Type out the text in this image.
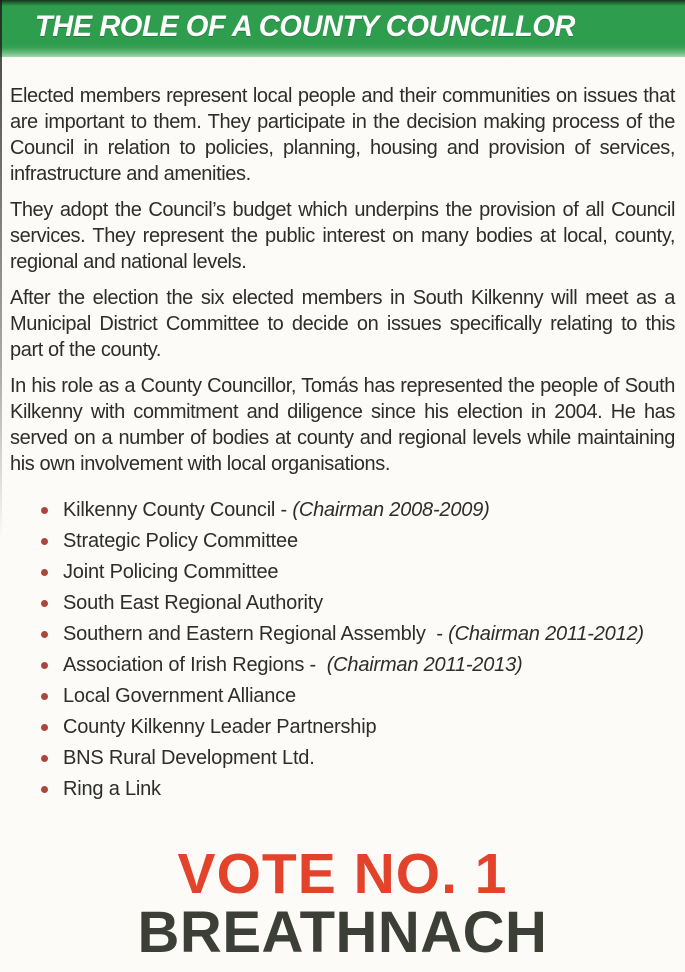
THE ROLE OF A COUNTY COUNCILLOR

Elected members represent local people and their communities on issues that are important to them. They participate in the decision making process of the Council in relation to policies, planning, housing and provision of services, infrastructure and amenities.

They adopt the Council’s budget which underpins the provision of all Council services. They represent the public interest on many bodies at local, county, regional and national levels.

After the election the six elected members in South Kilkenny will meet as a Municipal District Committee to decide on issues specifically relating to this part of the county.

In his role as a County Councillor, Tomás has represented the people of South Kilkenny with commitment and diligence since his election in 2004. He has served on a number of bodies at county and regional levels while maintaining his own involvement with local organisations.

Kilkenny County Council - (Chairman 2008-2009)
Strategic Policy Committee
Joint Policing Committee
South East Regional Authority
Southern and Eastern Regional Assembly  - (Chairman 2011-2012)
Association of Irish Regions -  (Chairman 2011-2013)
Local Government Alliance
County Kilkenny Leader Partnership
BNS Rural Development Ltd.
Ring a Link
VOTE NO. 1
BREATHNACH
